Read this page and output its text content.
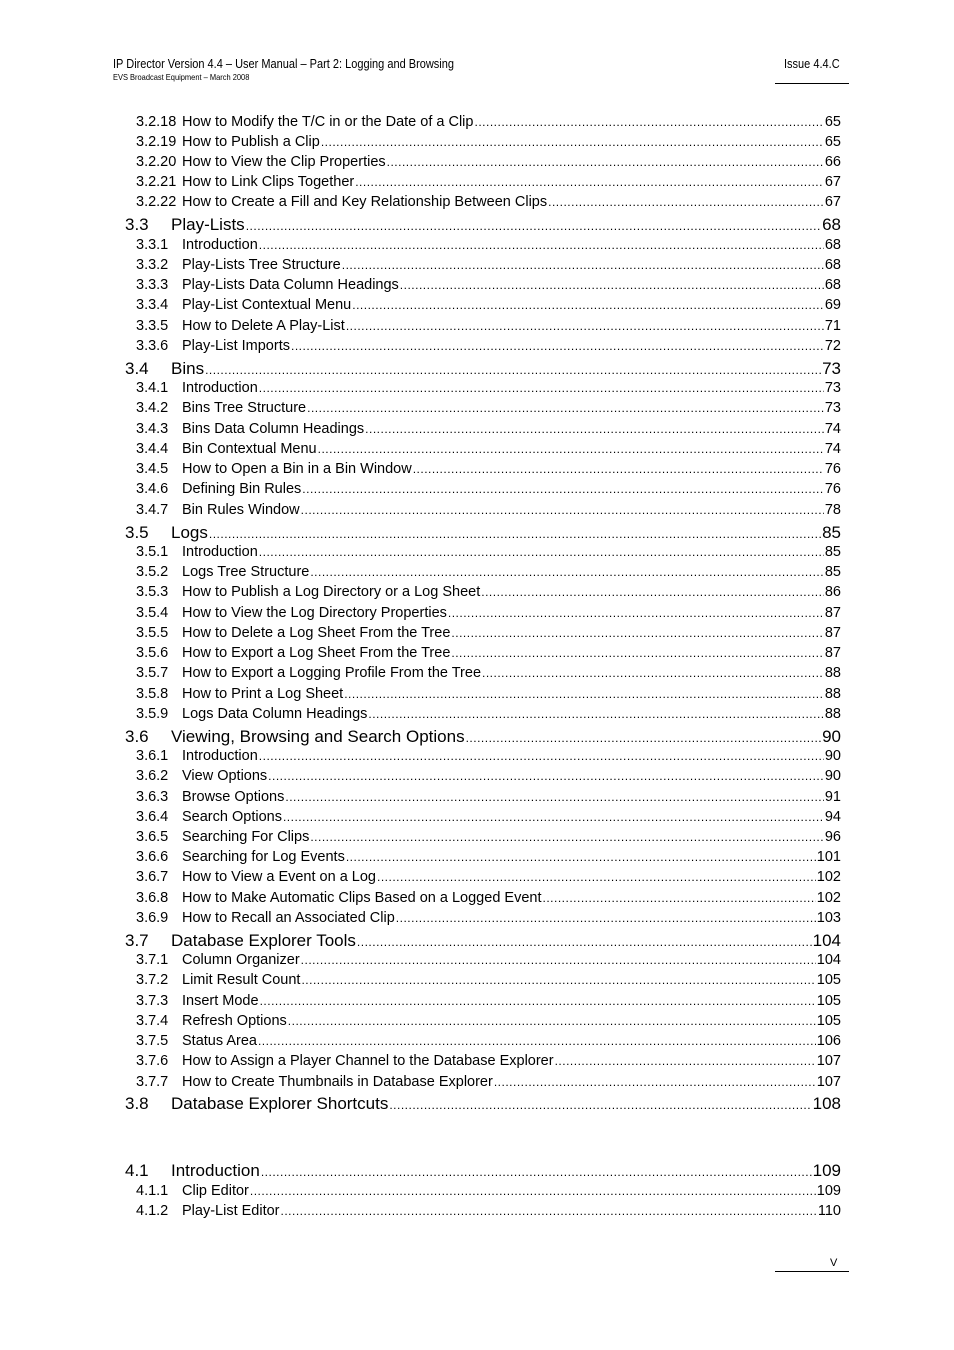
IP Director Version 4.4 – User Manual – Part 2: Logging and Browsing
EVS Broadcast Equipment – March 2008
Issue 4.4.C
3.2.18 How to Modify the T/C in or the Date of a Clip .....	65
3.2.19 How to Publish a Clip .....	65
3.2.20 How to View the Clip Properties .....	66
3.2.21 How to Link Clips Together .....	67
3.2.22 How to Create a Fill and Key Relationship Between Clips .....	67
3.3	Play-Lists .....	68
3.3.1 Introduction .....	68
3.3.2 Play-Lists Tree Structure .....	68
3.3.3 Play-Lists Data Column Headings .....	68
3.3.4 Play-List Contextual Menu .....	69
3.3.5 How to Delete A Play-List .....	71
3.3.6 Play-List Imports .....	72
3.4	Bins .....	73
3.4.1 Introduction .....	73
3.4.2 Bins Tree Structure .....	73
3.4.3 Bins Data Column Headings .....	74
3.4.4 Bin Contextual Menu .....	74
3.4.5 How to Open a Bin in a Bin Window .....	76
3.4.6 Defining Bin Rules .....	76
3.4.7 Bin Rules Window .....	78
3.5	Logs .....	85
3.5.1 Introduction .....	85
3.5.2 Logs Tree Structure .....	85
3.5.3 How to Publish a Log Directory or a Log Sheet .....	86
3.5.4 How to View the Log Directory Properties .....	87
3.5.5 How to Delete a Log Sheet From the Tree .....	87
3.5.6 How to Export a Log Sheet From the Tree .....	87
3.5.7 How to Export a Logging Profile From the Tree .....	88
3.5.8 How to Print a Log Sheet .....	88
3.5.9 Logs Data Column Headings .....	88
3.6	Viewing, Browsing and Search Options .....	90
3.6.1 Introduction .....	90
3.6.2 View Options .....	90
3.6.3 Browse Options .....	91
3.6.4 Search Options .....	94
3.6.5 Searching For Clips .....	96
3.6.6 Searching for Log Events .....	101
3.6.7 How to View a Event on a Log .....	102
3.6.8 How to Make Automatic Clips Based on a Logged Event .....	102
3.6.9 How to Recall an Associated Clip .....	103
3.7	Database Explorer Tools .....	104
3.7.1 Column Organizer .....	104
3.7.2 Limit Result Count .....	105
3.7.3 Insert Mode .....	105
3.7.4 Refresh Options .....	105
3.7.5 Status Area .....	106
3.7.6 How to Assign a Player Channel to the Database Explorer .....	107
3.7.7 How to Create Thumbnails in Database Explorer .....	107
3.8	Database Explorer Shortcuts .....	108
4.1	Introduction .....	109
4.1.1 Clip Editor .....	109
4.1.2 Play-List Editor .....	110
V
